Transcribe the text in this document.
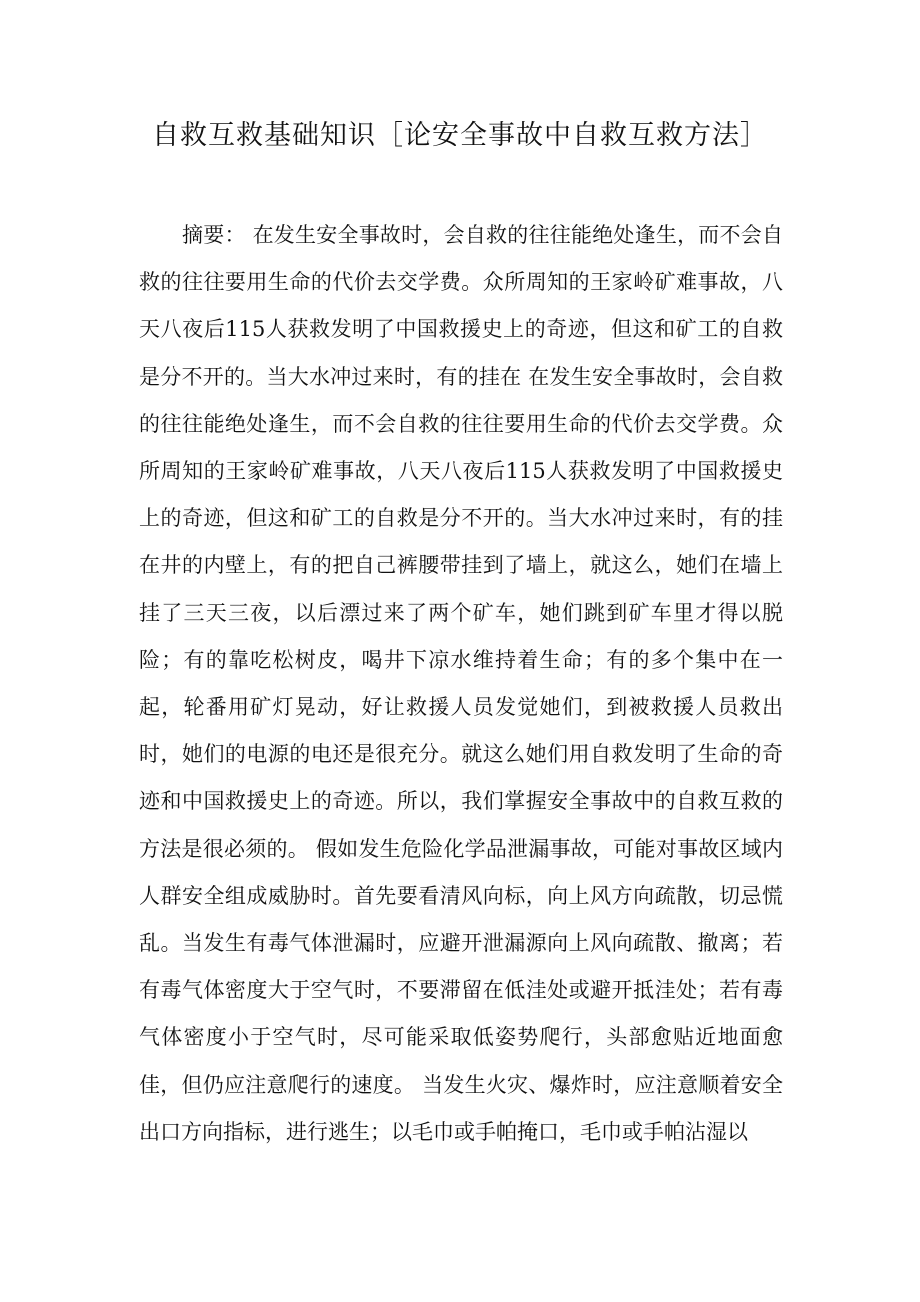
自救互救基础知识［论安全事故中自救互救方法］

摘要： 在发生安全事故时，会自救的往往能绝处逢生，而不会自救的往往要用生命的代价去交学费。众所周知的王家岭矿难事故，八天八夜后115人获救发明了中国救援史上的奇迹，但这和矿工的自救是分不开的。当大水冲过来时，有的挂在 在发生安全事故时，会自救的往往能绝处逢生，而不会自救的往往要用生命的代价去交学费。众所周知的王家岭矿难事故，八天八夜后115人获救发明了中国救援史上的奇迹，但这和矿工的自救是分不开的。当大水冲过来时，有的挂在井的内壁上，有的把自己裤腰带挂到了墙上，就这么，她们在墙上挂了三天三夜，以后漂过来了两个矿车，她们跳到矿车里才得以脱险；有的靠吃松树皮，喝井下凉水维持着生命；有的多个集中在一起，轮番用矿灯晃动，好让救援人员发觉她们，到被救援人员救出时，她们的电源的电还是很充分。就这么她们用自救发明了生命的奇迹和中国救援史上的奇迹。所以，我们掌握安全事故中的自救互救的方法是很必须的。 假如发生危险化学品泄漏事故，可能对事故区域内人群安全组成威胁时。首先要看清风向标，向上风方向疏散，切忌慌乱。当发生有毒气体泄漏时，应避开泄漏源向上风向疏散、撤离；若有毒气体密度大于空气时，不要滞留在低洼处或避开抵洼处；若有毒气体密度小于空气时，尽可能采取低姿势爬行，头部愈贴近地面愈佳，但仍应注意爬行的速度。 当发生火灾、爆炸时，应注意顺着安全出口方向指标，进行逃生；以毛巾或手帕掩口，毛巾或手帕沾湿以
